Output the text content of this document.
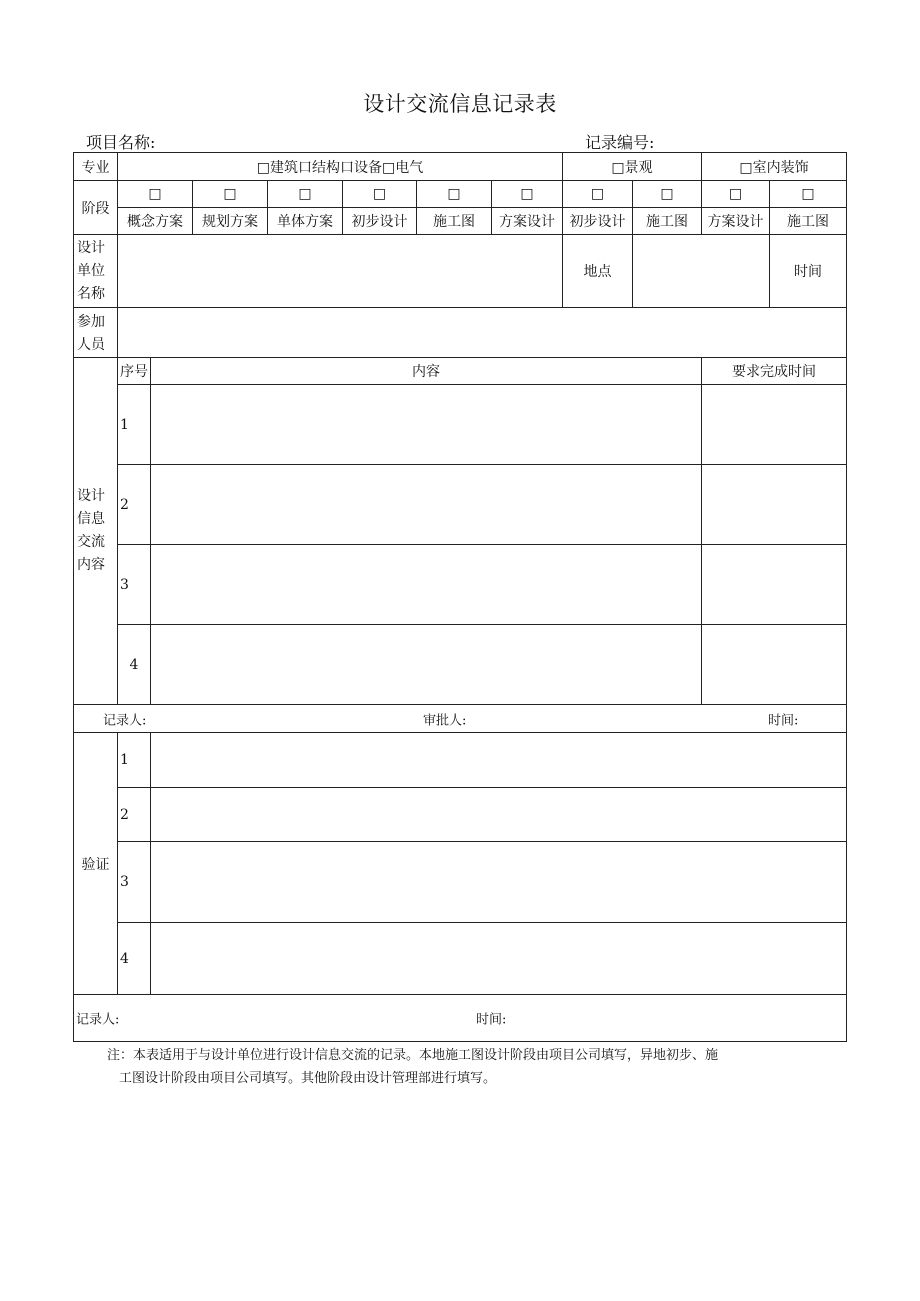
设计交流信息记录表
项目名称:	记录编号:
专业	□建筑口结构口设备□电气							□景观		□室内装饰		
阶段	□		□	□	□	□	□	□	□	□	□	
	概念方案		规划方案	单体方案	初步设计	施工图	方案设计	初步设计	施工图	方案设计	施工图	

设计
单位
名称								地点			时间	

参加
人员												

设计
信息
交流
内容	序号	内容								要求完成时间		
	1											
	2											
	3											
	4											

记录人: 审批人: 时间:												

验证	1											
	2											
	3											
	4											

记录人: 时间:												

注：本表适用于与设计单位进行设计信息交流的记录。本地施工图设计阶段由项目公司填写，异地初步、施

工图设计阶段由项目公司填写。其他阶段由设计管理部进行填写。
